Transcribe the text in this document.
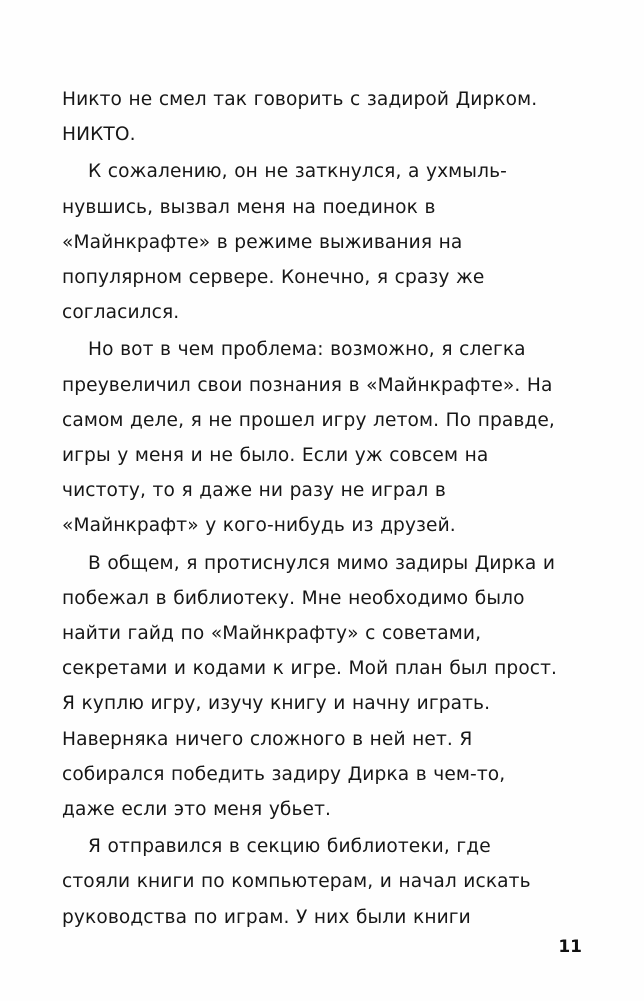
Никто не смел так говорить с задирой Дирком. НИКТО.

К сожалению, он не заткнулся, а ухмыльнувшись, вызвал меня на поединок в «Майнкрафте» в режиме выживания на популярном сервере. Конечно, я сразу же согласился.

Но вот в чем проблема: возможно, я слегка преувеличил свои познания в «Майнкрафте». На самом деле, я не прошел игру летом. По правде, игры у меня и не было. Если уж совсем на чистоту, то я даже ни разу не играл в «Майнкрафт» у кого-нибудь из друзей.

В общем, я протиснулся мимо задиры Дирка и побежал в библиотеку. Мне необходимо было найти гайд по «Майнкрафту» с советами, секретами и кодами к игре. Мой план был прост. Я куплю игру, изучу книгу и начну играть. Наверняка ничего сложного в ней нет. Я собирался победить задиру Дирка в чем-то, даже если это меня убьет.

Я отправился в секцию библиотеки, где стояли книги по компьютерам, и начал искать руководства по играм. У них были книги

11
